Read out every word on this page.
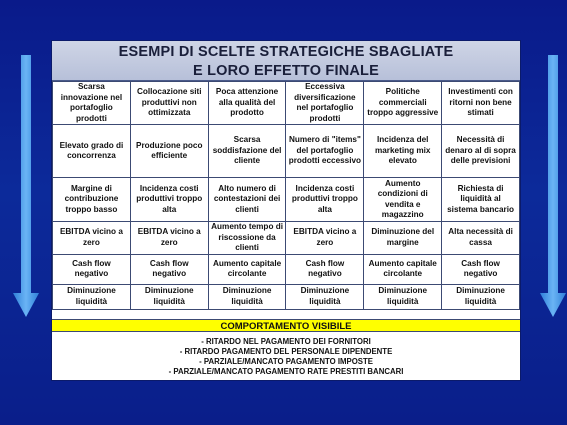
ESEMPI DI SCELTE STRATEGICHE SBAGLIATE
E LORO EFFETTO FINALE
Scarsa innovazione nel portafoglio prodotti	Collocazione siti produttivi non ottimizzata	Poca attenzione alla qualità del prodotto	Eccessiva diversificazione nel portafoglio prodotti	Politiche commerciali troppo aggressive	Investimenti con ritorni non bene stimati
Elevato grado di concorrenza	Produzione poco efficiente	Scarsa soddisfazione del cliente	Numero di "items" del portafoglio prodotti eccessivo	Incidenza del marketing mix elevato	Necessità di denaro al di sopra delle previsioni
Margine di contribuzione troppo basso	Incidenza costi produttivi troppo alta	Alto numero di contestazioni dei clienti	Incidenza costi produttivi troppo alta	Aumento condizioni di vendita e magazzino	Richiesta di liquidità al sistema bancario
EBITDA vicino a zero	EBITDA vicino a zero	Aumento tempo di riscossione da clienti	EBITDA vicino a zero	Diminuzione del margine	Alta necessità di cassa
Cash flow negativo	Cash flow negativo	Aumento capitale circolante	Cash flow negativo	Aumento capitale circolante	Cash flow negativo
Diminuzione liquidità	Diminuzione liquidità	Diminuzione liquidità	Diminuzione liquidità	Diminuzione liquidità	Diminuzione liquidità
COMPORTAMENTO VISIBILE
- RITARDO NEL PAGAMENTO DEI FORNITORI
- RITARDO PAGAMENTO DEL PERSONALE DIPENDENTE
- PARZIALE/MANCATO PAGAMENTO IMPOSTE
- PARZIALE/MANCATO PAGAMENTO RATE PRESTITI BANCARI
